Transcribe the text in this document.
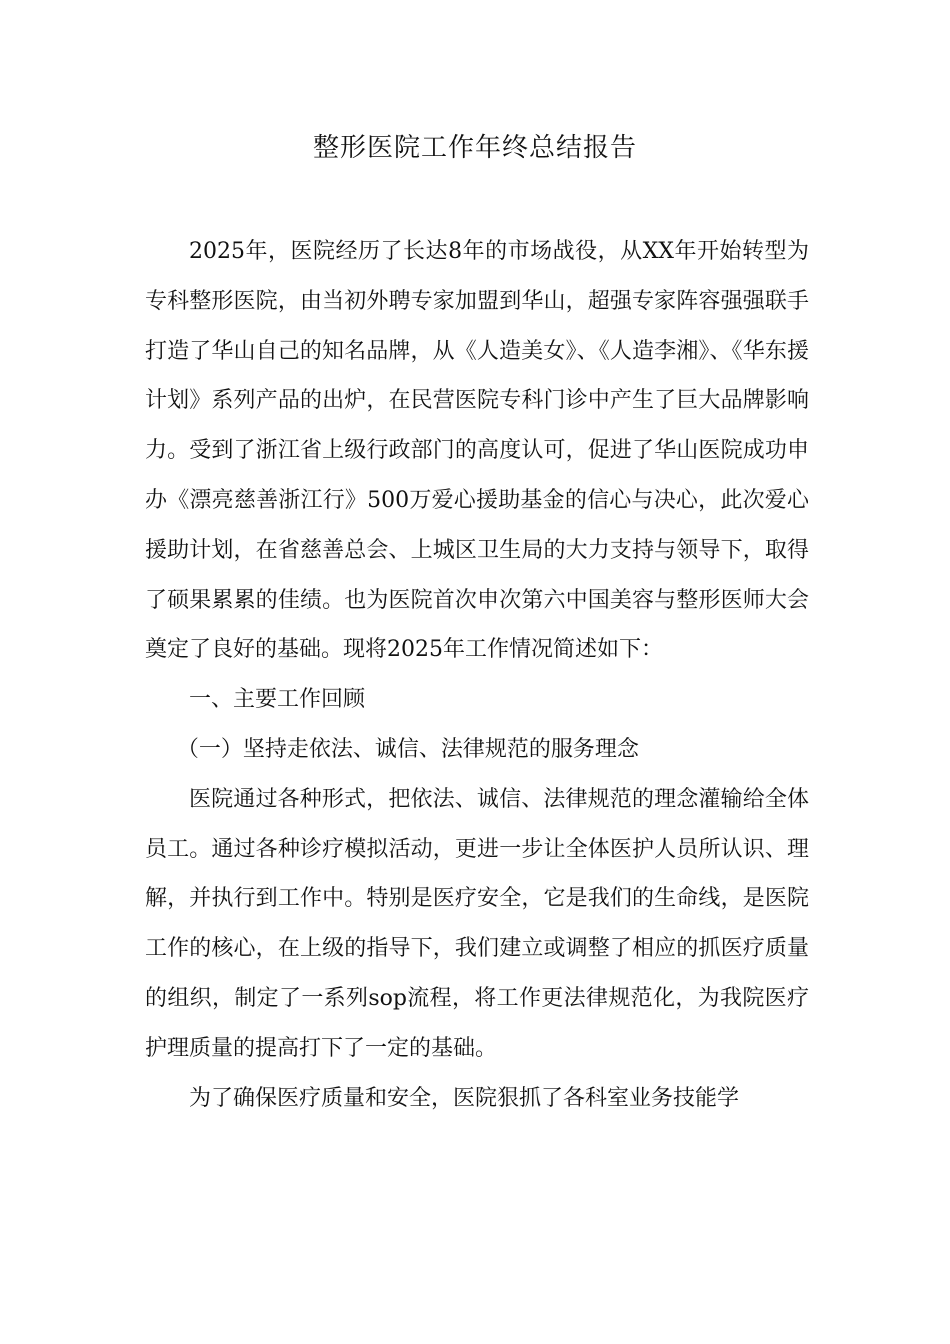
整形医院工作年终总结报告

2025年，医院经历了长达8年的市场战役，从XX年开始转型为专科整形医院，由当初外聘专家加盟到华山，超强专家阵容强强联手打造了华山自己的知名品牌，从《人造美女》、《人造李湘》、《华东援计划》系列产品的出炉，在民营医院专科门诊中产生了巨大品牌影响力。受到了浙江省上级行政部门的高度认可，促进了华山医院成功申办《漂亮慈善浙江行》500万爱心援助基金的信心与决心，此次爱心援助计划，在省慈善总会、上城区卫生局的大力支持与领导下，取得了硕果累累的佳绩。也为医院首次申次第六中国美容与整形医师大会奠定了良好的基础。现将2025年工作情况简述如下：

一、主要工作回顾

（一）坚持走依法、诚信、法律规范的服务理念

医院通过各种形式，把依法、诚信、法律规范的理念灌输给全体员工。通过各种诊疗模拟活动，更进一步让全体医护人员所认识、理解，并执行到工作中。特别是医疗安全，它是我们的生命线，是医院工作的核心，在上级的指导下，我们建立或调整了相应的抓医疗质量的组织，制定了一系列sop流程，将工作更法律规范化，为我院医疗护理质量的提高打下了一定的基础。

为了确保医疗质量和安全，医院狠抓了各科室业务技能学
